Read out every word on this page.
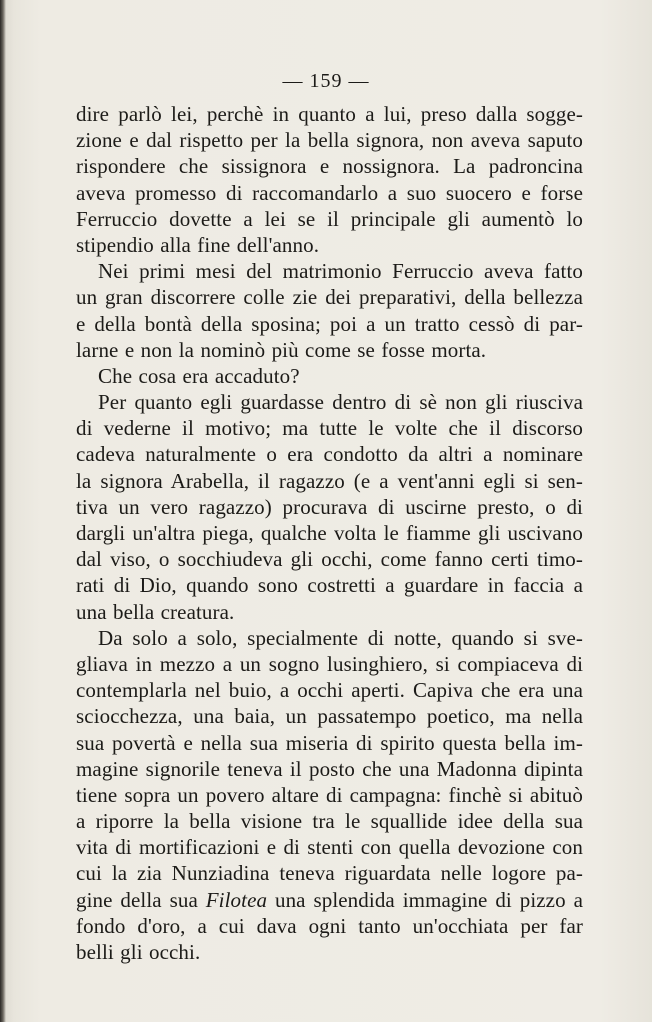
— 159 —

dire parlò lei, perchè in quanto a lui, preso dalla sogge-
zione e dal rispetto per la bella signora, non aveva saputo
rispondere che sissignora e nossignora. La padroncina
aveva promesso di raccomandarlo a suo suocero e forse
Ferruccio dovette a lei se il principale gli aumentò lo
stipendio alla fine dell'anno.

Nei primi mesi del matrimonio Ferruccio aveva fatto
un gran discorrere colle zie dei preparativi, della bellezza
e della bontà della sposina; poi a un tratto cessò di par-
larne e non la nominò più come se fosse morta.

Che cosa era accaduto?

Per quanto egli guardasse dentro di sè non gli riusciva
di vederne il motivo; ma tutte le volte che il discorso
cadeva naturalmente o era condotto da altri a nominare
la signora Arabella, il ragazzo (e a vent'anni egli si sen-
tiva un vero ragazzo) procurava di uscirne presto, o di
dargli un'altra piega, qualche volta le fiamme gli uscivano
dal viso, o socchiudeva gli occhi, come fanno certi timo-
rati di Dio, quando sono costretti a guardare in faccia a
una bella creatura.

Da solo a solo, specialmente di notte, quando si sve-
gliava in mezzo a un sogno lusinghiero, si compiaceva di
contemplarla nel buio, a occhi aperti. Capiva che era una
sciocchezza, una baia, un passatempo poetico, ma nella
sua povertà e nella sua miseria di spirito questa bella im-
magine signorile teneva il posto che una Madonna dipinta
tiene sopra un povero altare di campagna: finchè si abituò
a riporre la bella visione tra le squallide idee della sua
vita di mortificazioni e di stenti con quella devozione con
cui la zia Nunziadina teneva riguardata nelle logore pa-
gine della sua Filotea una splendida immagine di pizzo a
fondo d'oro, a cui dava ogni tanto un'occhiata per far
belli gli occhi.
